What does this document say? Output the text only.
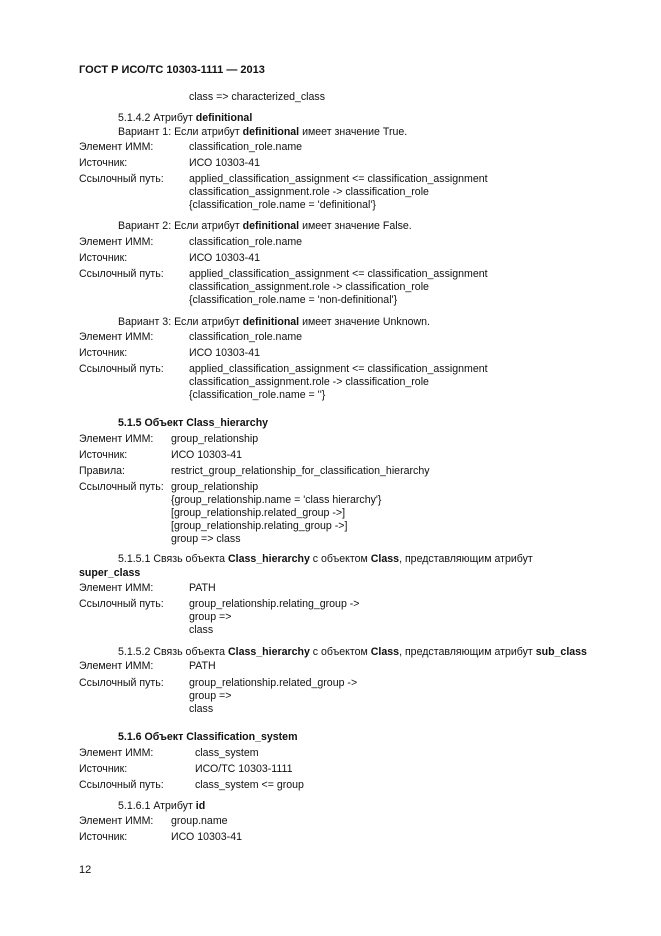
ГОСТ Р ИСО/ТС 10303-1111 — 2013
class => characterized_class
5.1.4.2 Атрибут definitional
Вариант 1: Если атрибут definitional имеет значение True.
Элемент ИММ:	classification_role.name
Источник:	ИСО 10303-41
Ссылочный путь: applied_classification_assignment <= classification_assignment
classification_assignment.role -> classification_role
{classification_role.name = 'definitional'}
Вариант 2: Если атрибут definitional имеет значение False.
Элемент ИММ:	classification_role.name
Источник:	ИСО 10303-41
Ссылочный путь: applied_classification_assignment <= classification_assignment
classification_assignment.role -> classification_role
{classification_role.name = 'non-definitional'}
Вариант 3: Если атрибут definitional имеет значение Unknown.
Элемент ИММ:	classification_role.name
Источник:	ИСО 10303-41
Ссылочный путь: applied_classification_assignment <= classification_assignment
classification_assignment.role -> classification_role
{classification_role.name = ''}
5.1.5 Объект Class_hierarchy
Элемент ИММ: group_relationship
Источник:	ИСО 10303-41
Правила:	restrict_group_relationship_for_classification_hierarchy
Ссылочный путь: group_relationship
{group_relationship.name = 'class hierarchy'}
[group_relationship.related_group ->]
[group_relationship.relating_group ->]
group => class
5.1.5.1 Связь объекта Class_hierarchy с объектом Class, представляющим атрибут
super_class
Элемент ИММ:	PATH
Ссылочный путь: group_relationship.relating_group ->
group =>
class
5.1.5.2 Связь объекта Class_hierarchy с объектом Class, представляющим атрибут sub_class
Элемент ИММ:	PATH
Ссылочный путь: group_relationship.related_group ->
group =>
class
5.1.6 Объект Classification_system
Элемент ИММ:	class_system
Источник:	ИСО/ТС 10303-1111
Ссылочный путь:	class_system <= group
5.1.6.1 Атрибут id
Элемент ИММ: group.name
Источник:	ИСО 10303-41
12
